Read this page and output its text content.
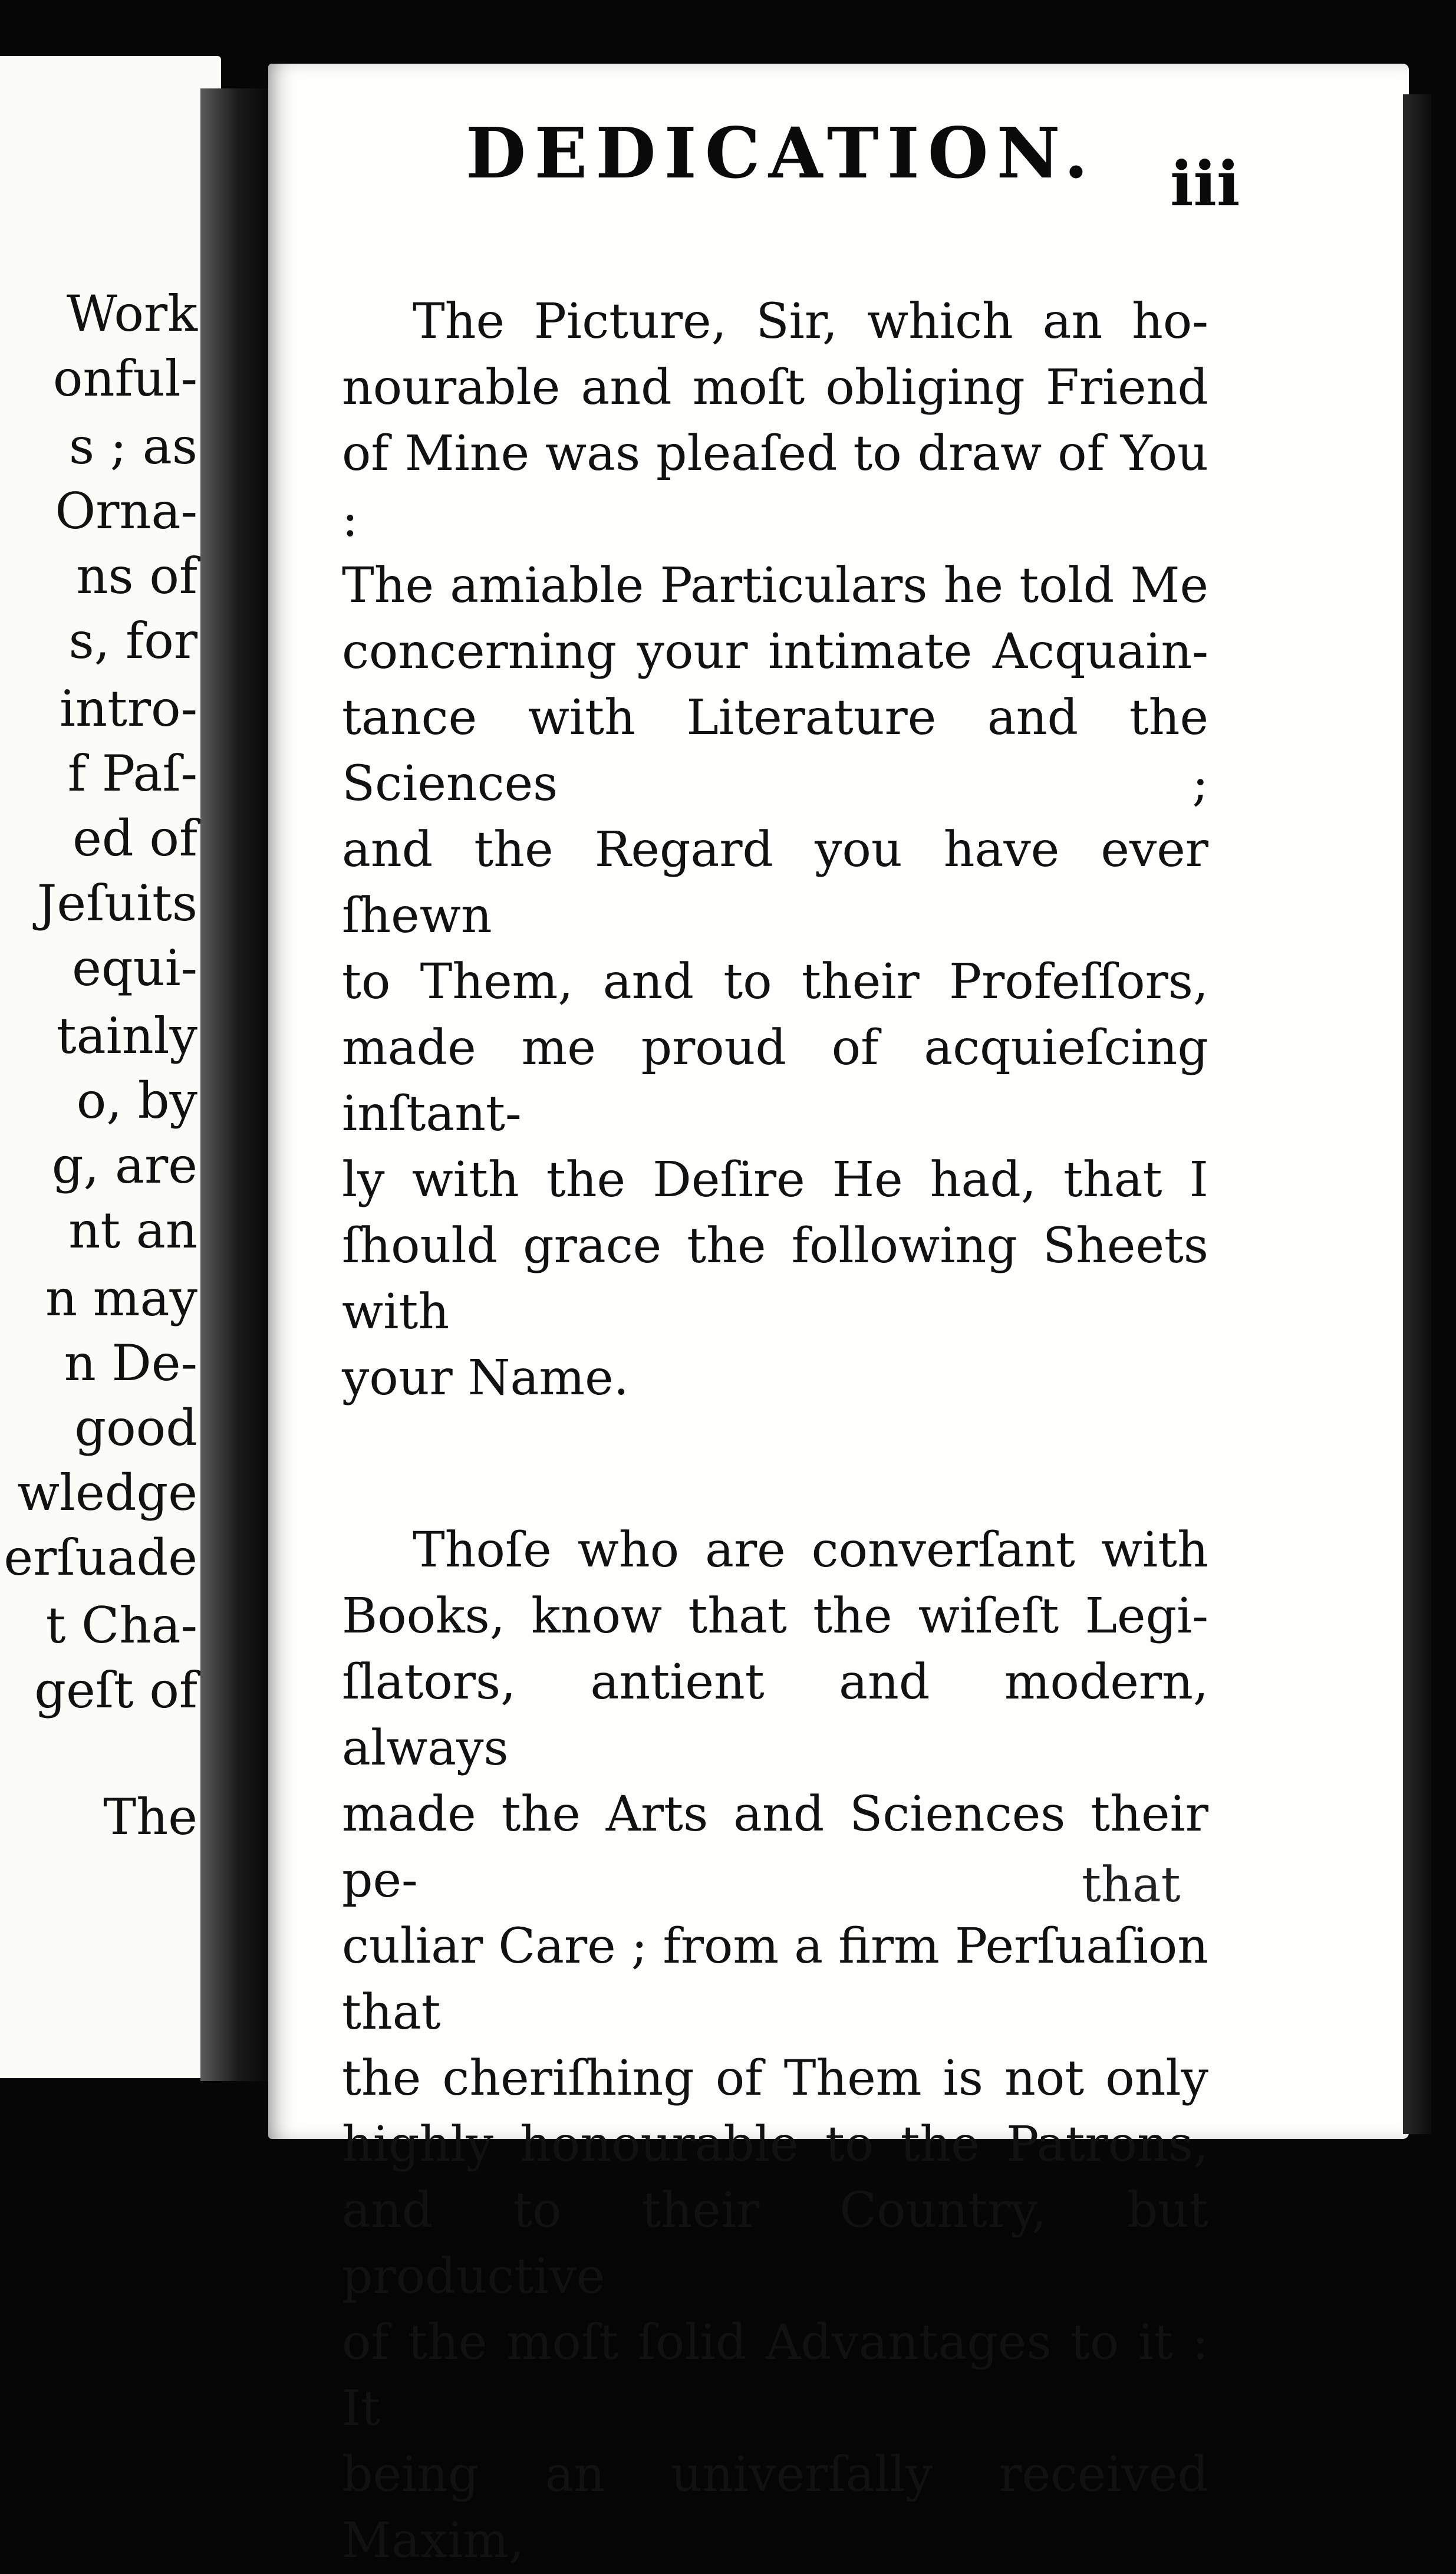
Work
onful-
s ; as
Orna-
ns of
s, for
intro-
f Paſ-
ed of
Jeſuits
equi-
tainly
o, by
g, are
nt an
n may
n De-
good
wledge
erſuade
t Cha-
geſt of
The
DEDICATION. iii
The Picture, Sir, which an ho-
nourable and moſt obliging Friend
of Mine was pleaſed to draw of You :
The amiable Particulars he told Me
concerning your intimate Acquain-
tance with Literature and the Sciences ;
and the Regard you have ever ſhewn
to Them, and to their Profeſſors,
made me proud of acquieſcing inſtant-
ly with the Deſire He had, that I
ſhould grace the following Sheets with
your Name.
Thoſe who are converſant with
Books, know that the wiſeſt Legi-
ſlators, antient and modern, always
made the Arts and Sciences their pe-
culiar Care ; from a firm Perſuaſion that
the cheriſhing of Them is not only
highly honourable to the Patrons,
and to their Country, but productive
of the moſt ſolid Advantages to it : It
being an univerſally received Maxim,
that
